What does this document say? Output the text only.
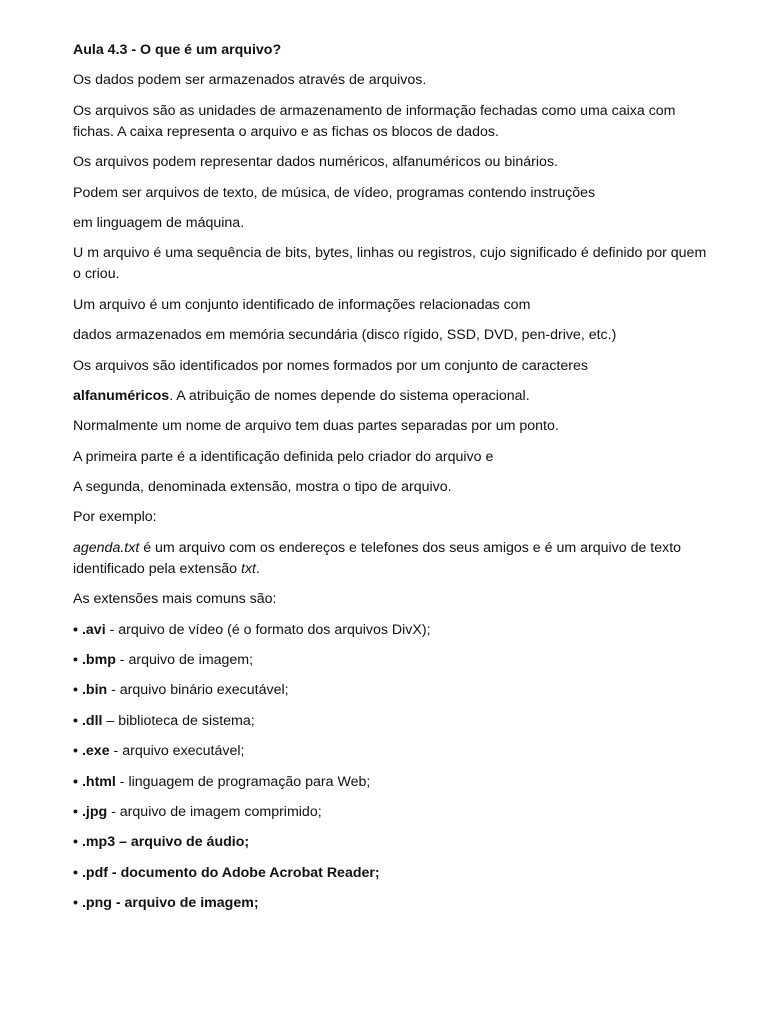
Aula 4.3 - O que é um arquivo?

Os dados podem ser armazenados através de arquivos.

Os arquivos são as unidades de armazenamento de informação fechadas como uma caixa com fichas. A caixa representa o arquivo e as fichas os blocos de dados.

Os arquivos podem representar dados numéricos, alfanuméricos ou binários.

Podem ser arquivos de texto, de música, de vídeo, programas contendo instruções

em linguagem de máquina.

U m arquivo é uma sequência de bits, bytes, linhas ou registros, cujo significado é definido por quem o criou.

Um arquivo é um conjunto identificado de informações relacionadas com

dados armazenados em memória secundária (disco rígido, SSD, DVD, pen-drive, etc.)

Os arquivos são identificados por nomes formados por um conjunto de caracteres

alfanuméricos. A atribuição de nomes depende do sistema operacional.

Normalmente um nome de arquivo tem duas partes separadas por um ponto.

A primeira parte é a identificação definida pelo criador do arquivo e

A segunda, denominada extensão, mostra o tipo de arquivo.

Por exemplo:

agenda.txt é um arquivo com os endereços e telefones dos seus amigos e é um arquivo de texto identificado pela extensão txt.

As extensões mais comuns são:

• .avi - arquivo de vídeo (é o formato dos arquivos DivX);
• .bmp - arquivo de imagem;
• .bin - arquivo binário executável;
• .dll – biblioteca de sistema;
• .exe - arquivo executável;
• .html - linguagem de programação para Web;
• .jpg - arquivo de imagem comprimido;
• .mp3 – arquivo de áudio;
• .pdf - documento do Adobe Acrobat Reader;
• .png - arquivo de imagem;
